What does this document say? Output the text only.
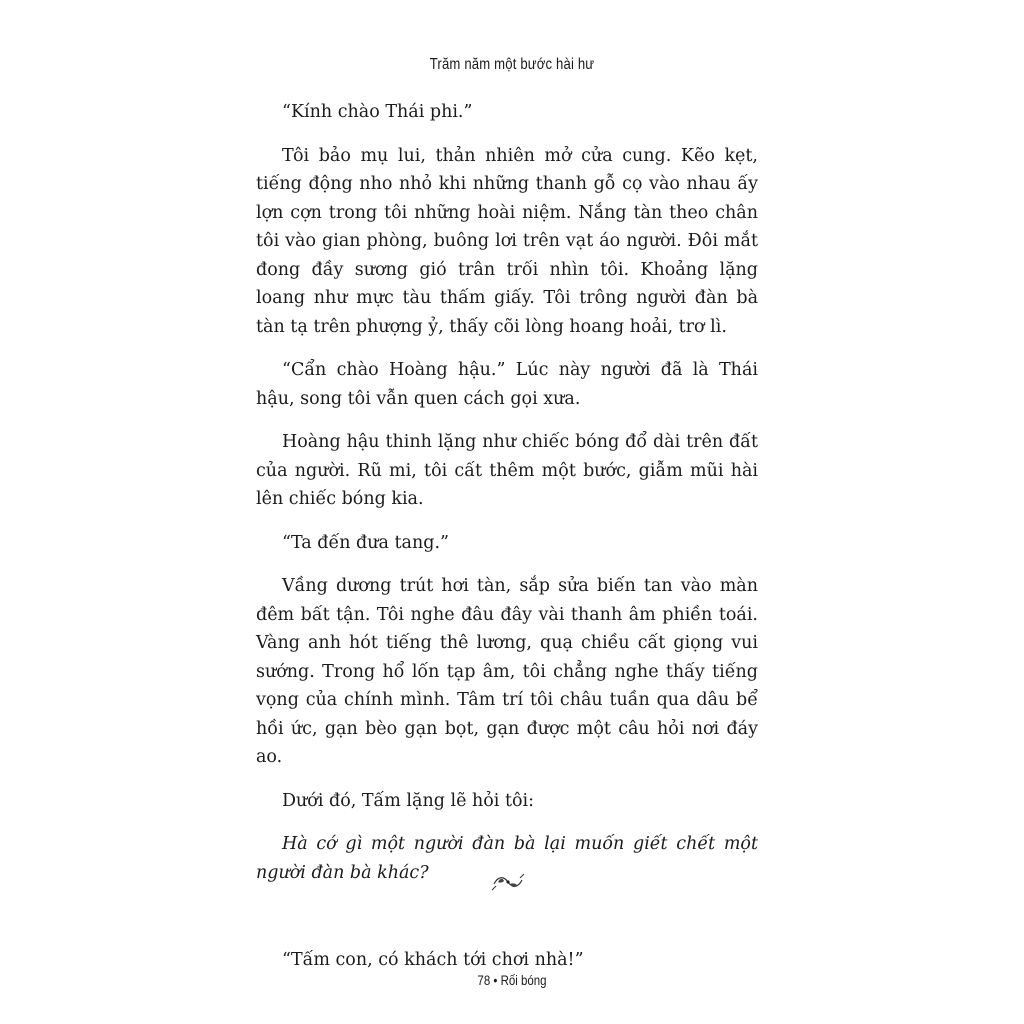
Trăm năm một bước hài hư

“Kính chào Thái phi.”

Tôi bảo mụ lui, thản nhiên mở cửa cung. Kẽo kẹt, tiếng động nho nhỏ khi những thanh gỗ cọ vào nhau ấy lợn cợn trong tôi những hoài niệm. Nắng tàn theo chân tôi vào gian phòng, buông lơi trên vạt áo người. Đôi mắt đong đầy sương gió trân trối nhìn tôi. Khoảng lặng loang như mực tàu thấm giấy. Tôi trông người đàn bà tàn tạ trên phượng ỷ, thấy cõi lòng hoang hoải, trơ lì.

“Cẩn chào Hoàng hậu.” Lúc này người đã là Thái hậu, song tôi vẫn quen cách gọi xưa.

Hoàng hậu thinh lặng như chiếc bóng đổ dài trên đất của người. Rũ mi, tôi cất thêm một bước, giẫm mũi hài lên chiếc bóng kia.

“Ta đến đưa tang.”

Vầng dương trút hơi tàn, sắp sửa biến tan vào màn đêm bất tận. Tôi nghe đâu đây vài thanh âm phiền toái. Vàng anh hót tiếng thê lương, quạ chiều cất giọng vui sướng. Trong hổ lốn tạp âm, tôi chẳng nghe thấy tiếng vọng của chính mình. Tâm trí tôi châu tuần qua dâu bể hồi ức, gạn bèo gạn bọt, gạn được một câu hỏi nơi đáy ao.

Dưới đó, Tấm lặng lẽ hỏi tôi:

Hà cớ gì một người đàn bà lại muốn giết chết một người đàn bà khác?

“Tấm con, có khách tới chơi nhà!”

78 • Rối bóng
